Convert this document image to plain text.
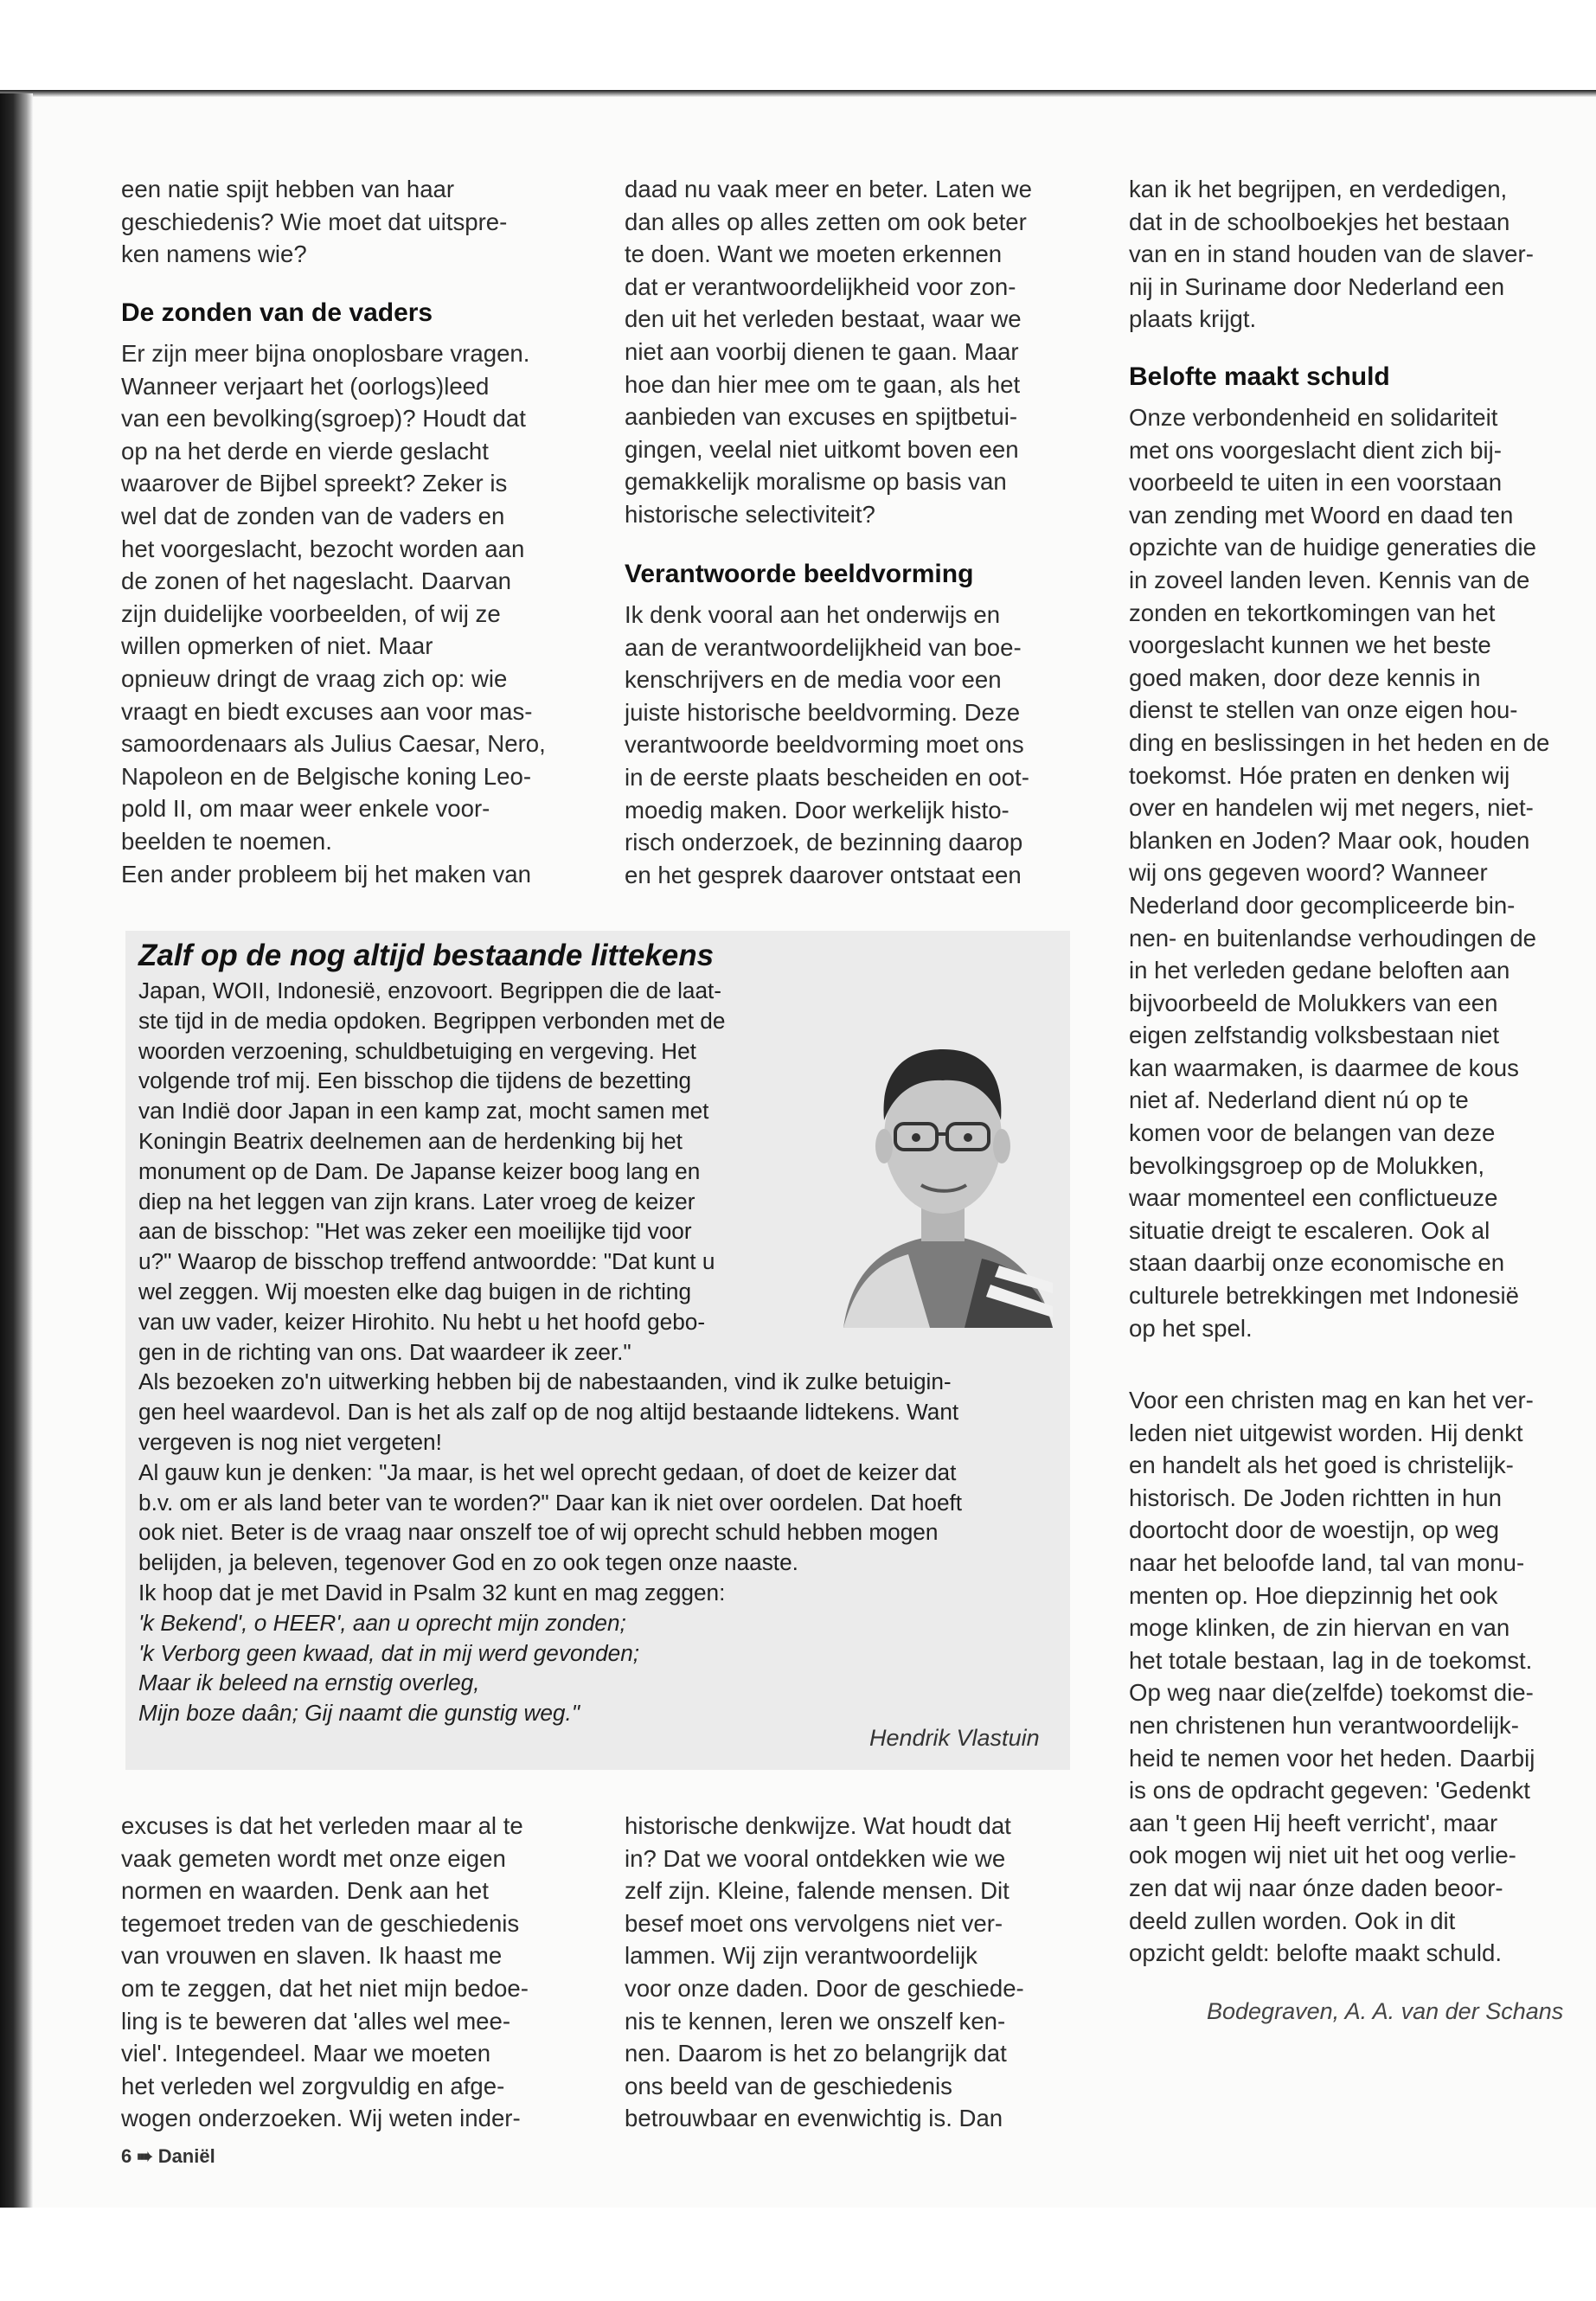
een natie spijt hebben van haar
geschiedenis? Wie moet dat uitspre-
ken namens wie?
De zonden van de vaders
Er zijn meer bijna onoplosbare vragen.
Wanneer verjaart het (oorlogs)leed
van een bevolking(sgroep)? Houdt dat
op na het derde en vierde geslacht
waarover de Bijbel spreekt? Zeker is
wel dat de zonden van de vaders en
het voorgeslacht, bezocht worden aan
de zonen of het nageslacht. Daarvan
zijn duidelijke voorbeelden, of wij ze
willen opmerken of niet. Maar
opnieuw dringt de vraag zich op: wie
vraagt en biedt excuses aan voor mas-
samoordenaars als Julius Caesar, Nero,
Napoleon en de Belgische koning Leo-
pold II, om maar weer enkele voor-
beelden te noemen.
Een ander probleem bij het maken van
daad nu vaak meer en beter. Laten we
dan alles op alles zetten om ook beter
te doen. Want we moeten erkennen
dat er verantwoordelijkheid voor zon-
den uit het verleden bestaat, waar we
niet aan voorbij dienen te gaan. Maar
hoe dan hier mee om te gaan, als het
aanbieden van excuses en spijtbetui-
gingen, veelal niet uitkomt boven een
gemakkelijk moralisme op basis van
historische selectiviteit?
Verantwoorde beeldvorming
Ik denk vooral aan het onderwijs en
aan de verantwoordelijkheid van boe-
kenschrijvers en de media voor een
juiste historische beeldvorming. Deze
verantwoorde beeldvorming moet ons
in de eerste plaats bescheiden en oot-
moedig maken. Door werkelijk histo-
risch onderzoek, de bezinning daarop
en het gesprek daarover ontstaat een
kan ik het begrijpen, en verdedigen,
dat in de schoolboekjes het bestaan
van en in stand houden van de slaver-
nij in Suriname door Nederland een
plaats krijgt.
Belofte maakt schuld
Onze verbondenheid en solidariteit
met ons voorgeslacht dient zich bij-
voorbeeld te uiten in een voorstaan
van zending met Woord en daad ten
opzichte van de huidige generaties die
in zoveel landen leven. Kennis van de
zonden en tekortkomingen van het
voorgeslacht kunnen we het beste
goed maken, door deze kennis in
dienst te stellen van onze eigen hou-
ding en beslissingen in het heden en de
toekomst. Hóe praten en denken wij
over en handelen wij met negers, niet-
blanken en Joden? Maar ook, houden
wij ons gegeven woord? Wanneer
Nederland door gecompliceerde bin-
nen- en buitenlandse verhoudingen de
in het verleden gedane beloften aan
bijvoorbeeld de Molukkers van een
eigen zelfstandig volksbestaan niet
kan waarmaken, is daarmee de kous
niet af. Nederland dient nú op te
komen voor de belangen van deze
bevolkingsgroep op de Molukken,
waar momenteel een conflictueuze
situatie dreigt te escaleren. Ook al
staan daarbij onze economische en
culturele betrekkingen met Indonesië
op het spel.
Voor een christen mag en kan het ver-
leden niet uitgewist worden. Hij denkt
en handelt als het goed is christelijk-
historisch. De Joden richtten in hun
doortocht door de woestijn, op weg
naar het beloofde land, tal van monu-
menten op. Hoe diepzinnig het ook
moge klinken, de zin hiervan en van
het totale bestaan, lag in de toekomst.
Op weg naar die(zelfde) toekomst die-
nen christenen hun verantwoordelijk-
heid te nemen voor het heden. Daarbij
is ons de opdracht gegeven: 'Gedenkt
aan 't geen Hij heeft verricht', maar
ook mogen wij niet uit het oog verlie-
zen dat wij naar ónze daden beoor-
deeld zullen worden. Ook in dit
opzicht geldt: belofte maakt schuld.
Bodegraven, A. A. van der Schans
Zalf op de nog altijd bestaande littekens
Japan, WOII, Indonesië, enzovoort. Begrippen die de laat-
ste tijd in de media opdoken. Begrippen verbonden met de
woorden verzoening, schuldbetuiging en vergeving. Het
volgende trof mij. Een bisschop die tijdens de bezetting
van Indië door Japan in een kamp zat, mocht samen met
Koningin Beatrix deelnemen aan de herdenking bij het
monument op de Dam. De Japanse keizer boog lang en
diep na het leggen van zijn krans. Later vroeg de keizer
aan de bisschop: "Het was zeker een moeilijke tijd voor
u?" Waarop de bisschop treffend antwoordde: "Dat kunt u
wel zeggen. Wij moesten elke dag buigen in de richting
van uw vader, keizer Hirohito. Nu hebt u het hoofd gebo-
gen in de richting van ons. Dat waardeer ik zeer."
Als bezoeken zo'n uitwerking hebben bij de nabestaanden, vind ik zulke betuigin-
gen heel waardevol. Dan is het als zalf op de nog altijd bestaande lidtekens. Want
vergeven is nog niet vergeten!
Al gauw kun je denken: "Ja maar, is het wel oprecht gedaan, of doet de keizer dat
b.v. om er als land beter van te worden?" Daar kan ik niet over oordelen. Dat hoeft
ook niet. Beter is de vraag naar onszelf toe of wij oprecht schuld hebben mogen
belijden, ja beleven, tegenover God en zo ook tegen onze naaste.
Ik hoop dat je met David in Psalm 32 kunt en mag zeggen:
'k Bekend', o HEER', aan u oprecht mijn zonden;
'k Verborg geen kwaad, dat in mij werd gevonden;
Maar ik beleed na ernstig overleg,
Mijn boze daân; Gij naamt die gunstig weg."
Hendrik Vlastuin
excuses is dat het verleden maar al te
vaak gemeten wordt met onze eigen
normen en waarden. Denk aan het
tegemoet treden van de geschiedenis
van vrouwen en slaven. Ik haast me
om te zeggen, dat het niet mijn bedoe-
ling is te beweren dat 'alles wel mee-
viel'. Integendeel. Maar we moeten
het verleden wel zorgvuldig en afge-
wogen onderzoeken. Wij weten inder-
historische denkwijze. Wat houdt dat
in? Dat we vooral ontdekken wie we
zelf zijn. Kleine, falende mensen. Dit
besef moet ons vervolgens niet ver-
lammen. Wij zijn verantwoordelijk
voor onze daden. Door de geschiede-
nis te kennen, leren we onszelf ken-
nen. Daarom is het zo belangrijk dat
ons beeld van de geschiedenis
betrouwbaar en evenwichtig is. Dan
6 ➠ Daniël
